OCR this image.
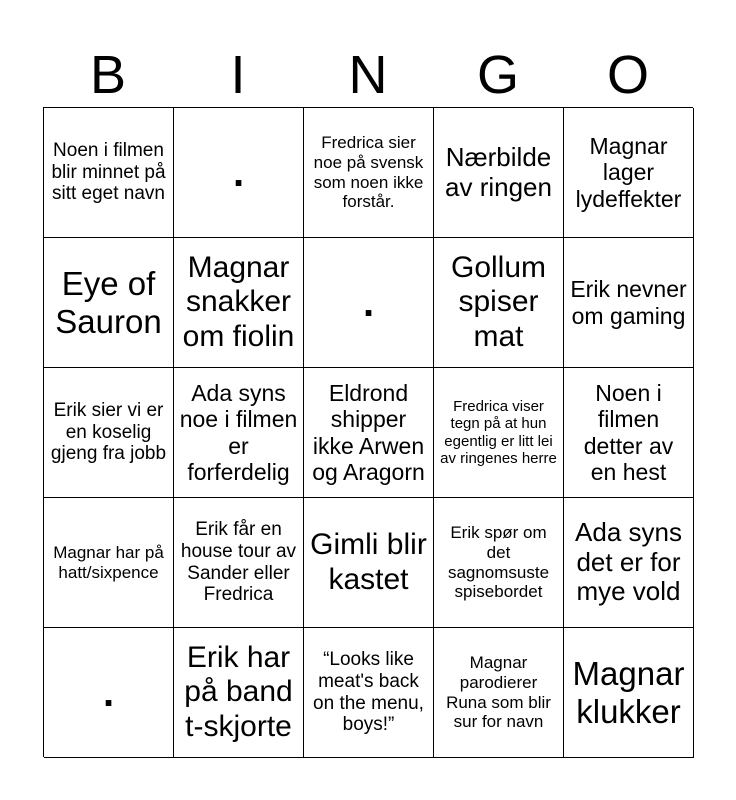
B	I	N	G	O
Noen i filmen blir minnet på sitt eget navn	.
Fredrica sier noe på svensk som noen ikke forstår.
Nærbilde av ringen
Magnar lager lydeffekter
Eye of Sauron
Magnar snakker om fiolin
.
Gollum spiser mat
Erik nevner om gaming
Erik sier vi er en koselig gjeng fra jobb
Ada syns noe i filmen er forferdelig
Eldrond shipper ikke Arwen og Aragorn
Fredrica viser tegn på at hun egentlig er litt lei av ringenes herre
Noen i filmen detter av en hest
Magnar har på hatt/sixpence
Erik får en house tour av Sander eller Fredrica
Gimli blir kastet
Erik spør om det sagnomsuste spisebordet
Ada syns det er for mye vold
.
Erik har på band t-skjorte
“Looks like meat's back on the menu, boys!”
Magnar parodierer Runa som blir sur for navn
Magnar klukker
